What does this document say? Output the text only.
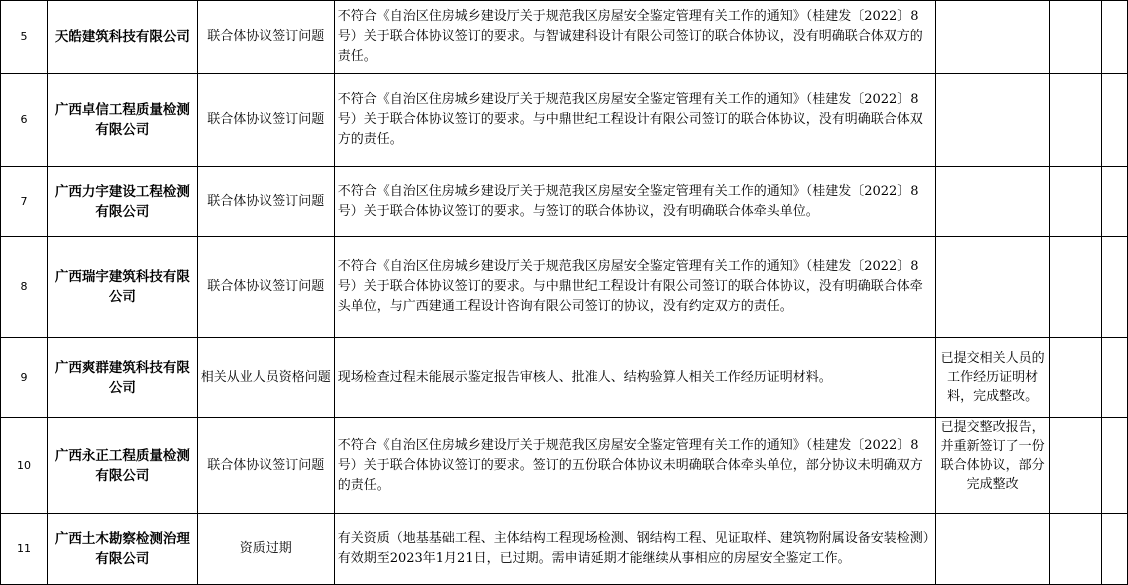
5	天皓建筑科技有限公司	联合体协议签订问题	不符合《自治区住房城乡建设厅关于规范我区房屋安全鉴定管理有关工作的通知》（桂建发〔2022〕8号）关于联合体协议签订的要求。与智诚建科设计有限公司签订的联合体协议，没有明确联合体双方的责任。			
6	广西卓信工程质量检测有限公司	联合体协议签订问题	不符合《自治区住房城乡建设厅关于规范我区房屋安全鉴定管理有关工作的通知》（桂建发〔2022〕8号）关于联合体协议签订的要求。与中鼎世纪工程设计有限公司签订的联合体协议，没有明确联合体双方的责任。			
7	广西力宇建设工程检测有限公司	联合体协议签订问题	不符合《自治区住房城乡建设厅关于规范我区房屋安全鉴定管理有关工作的通知》（桂建发〔2022〕8号）关于联合体协议签订的要求。与签订的联合体协议，没有明确联合体牵头单位。			
8	广西瑞宇建筑科技有限公司	联合体协议签订问题	不符合《自治区住房城乡建设厅关于规范我区房屋安全鉴定管理有关工作的通知》（桂建发〔2022〕8号）关于联合体协议签订的要求。与中鼎世纪工程设计有限公司签订的联合体协议，没有明确联合体牵头单位，与广西建通工程设计咨询有限公司签订的协议，没有约定双方的责任。			
9	广西爽群建筑科技有限公司	相关从业人员资格问题	现场检查过程未能展示鉴定报告审核人、批准人、结构验算人相关工作经历证明材料。	已提交相关人员的工作经历证明材料，完成整改。		
10	广西永正工程质量检测有限公司	联合体协议签订问题	不符合《自治区住房城乡建设厅关于规范我区房屋安全鉴定管理有关工作的通知》（桂建发〔2022〕8号）关于联合体协议签订的要求。签订的五份联合体协议未明确联合体牵头单位，部分协议未明确双方的责任。	已提交整改报告，并重新签订了一份联合体协议，部分完成整改		

11	广西土木勘察检测治理有限公司	资质过期	有关资质（地基基础工程、主体结构工程现场检测、钢结构工程、见证取样、建筑物附属设备安装检测）有效期至2023年1月21日，已过期。需申请延期才能继续从事相应的房屋安全鉴定工作。			
